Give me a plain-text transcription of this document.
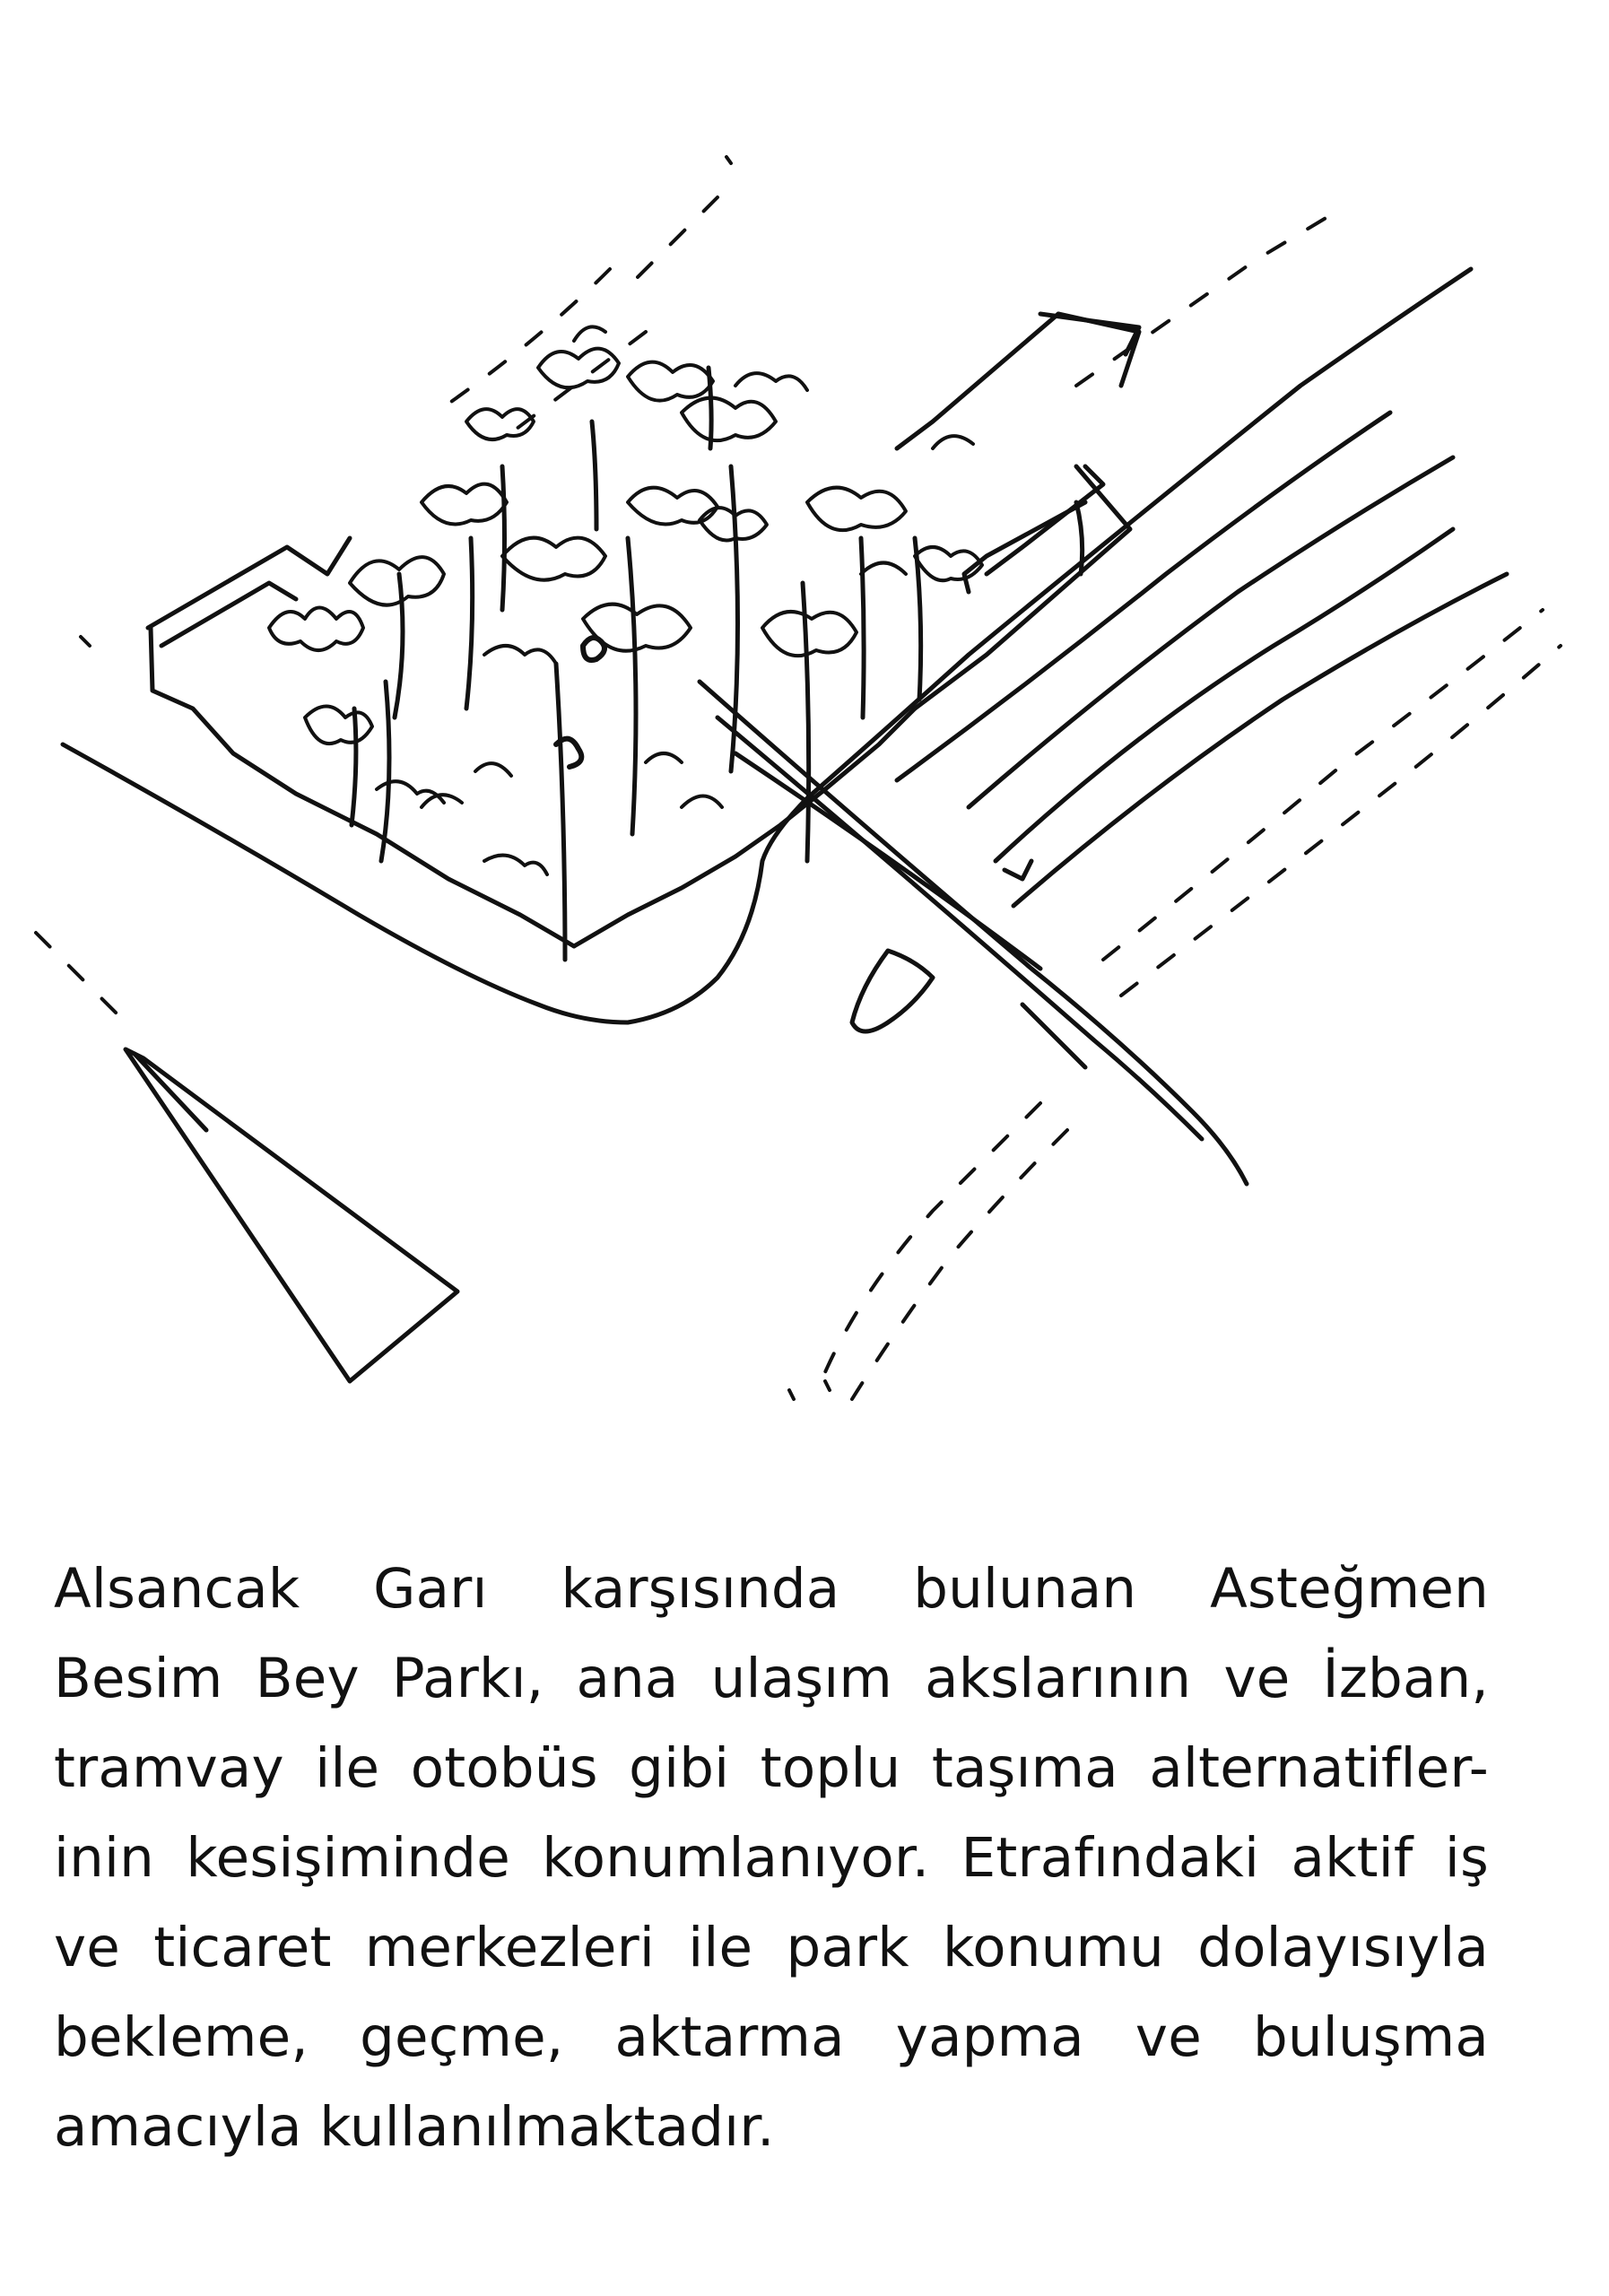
Alsancak Garı karşısında bulunan Asteğmen
Besim Bey Parkı, ana ulaşım akslarının ve İzban,
tramvay ile otobüs gibi toplu taşıma alternatifler-
inin kesişiminde konumlanıyor. Etrafındaki aktif iş
ve ticaret merkezleri ile park konumu dolayısıyla
bekleme, geçme, aktarma yapma ve buluşma
amacıyla kullanılmaktadır.
